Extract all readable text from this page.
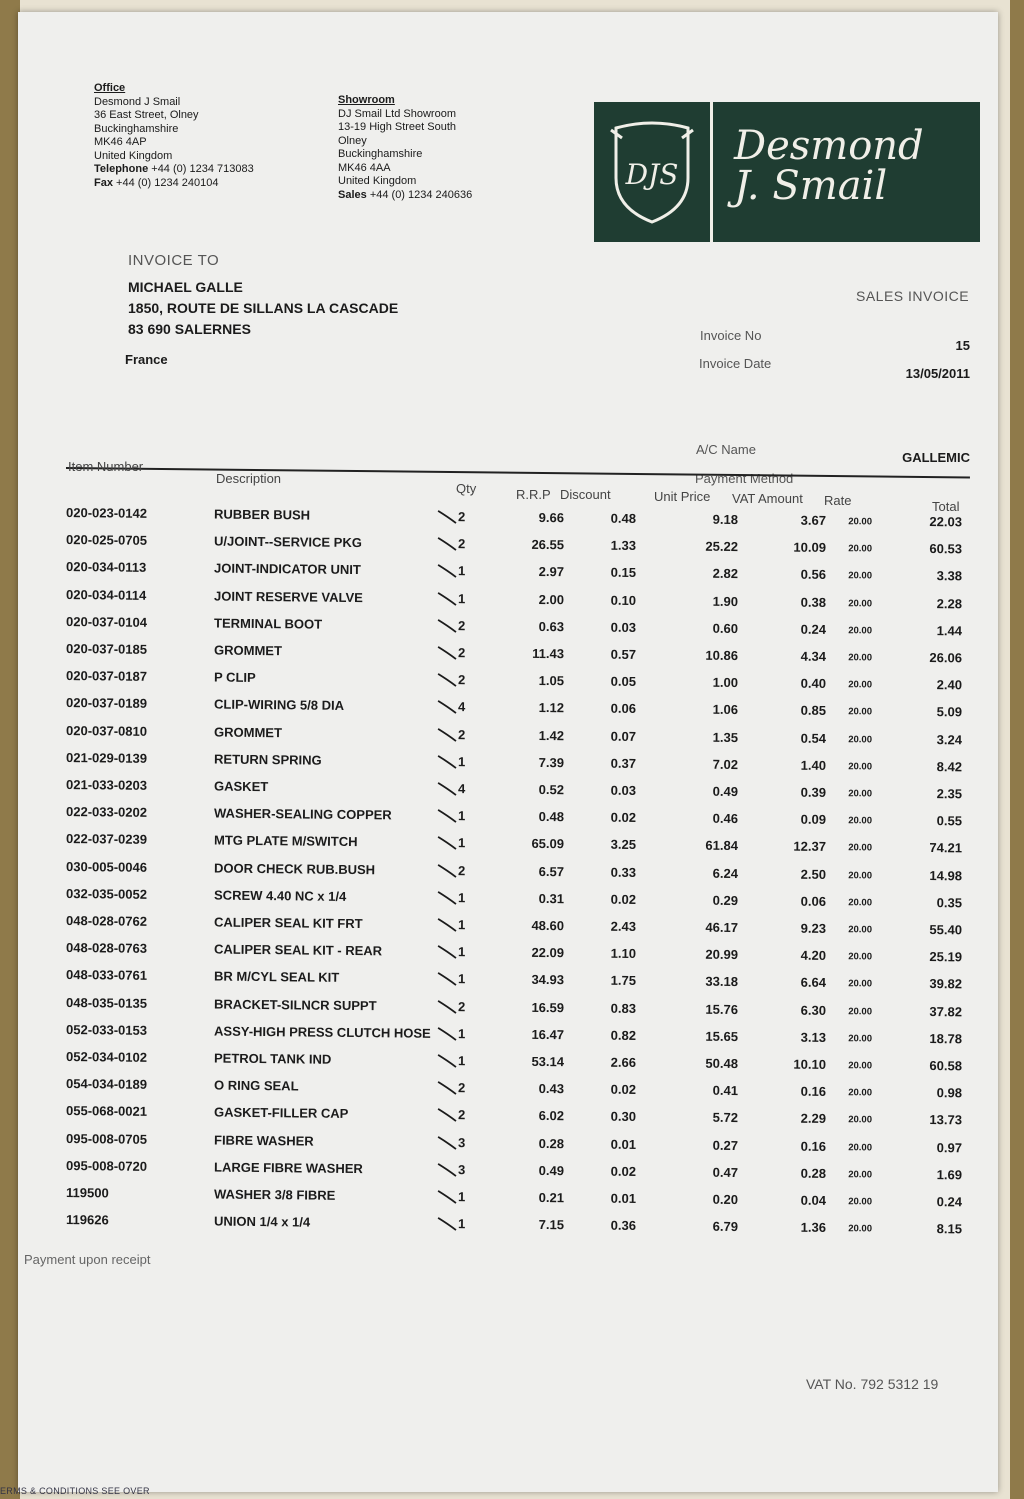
Office
Desmond J Smail
36 East Street, Olney
Buckinghamshire
MK46 4AP
United Kingdom
Telephone +44 (0) 1234 713083
Fax +44 (0) 1234 240104
Showroom
DJ Smail Ltd Showroom
13-19 High Street South
Olney
Buckinghamshire
MK46 4AA
United Kingdom
Sales +44 (0) 1234 240636
DJS
Desmond
J. Smail
INVOICE TO
MICHAEL GALLE
1850, ROUTE DE SILLANS LA CASCADE
83 690 SALERNES
France
SALES INVOICE
Invoice No
15
Invoice Date
13/05/2011
A/C Name
GALLEMIC
Payment Method
Item Number
Description
Qty	R.R.P Discount	Unit Price VAT Amount Rate	Total
020-023-0142	RUBBER BUSH	2	9.66	0.48	9.18	3.67	20.00	22.03
020-025-0705	U/JOINT--SERVICE PKG	2	26.55	1.33	25.22	10.09	20.00	60.53
020-034-0113	JOINT-INDICATOR UNIT	1	2.97	0.15	2.82	0.56	20.00	3.38
020-034-0114	JOINT RESERVE VALVE	1	2.00	0.10	1.90	0.38	20.00	2.28
020-037-0104	TERMINAL BOOT	2	0.63	0.03	0.60	0.24	20.00	1.44
020-037-0185	GROMMET	2	11.43	0.57	10.86	4.34	20.00	26.06
020-037-0187	P CLIP	2	1.05	0.05	1.00	0.40	20.00	2.40
020-037-0189	CLIP-WIRING 5/8 DIA	4	1.12	0.06	1.06	0.85	20.00	5.09
020-037-0810	GROMMET	2	1.42	0.07	1.35	0.54	20.00	3.24
021-029-0139	RETURN SPRING	1	7.39	0.37	7.02	1.40	20.00	8.42
021-033-0203	GASKET	4	0.52	0.03	0.49	0.39	20.00	2.35
022-033-0202	WASHER-SEALING COPPER	1	0.48	0.02	0.46	0.09	20.00	0.55
022-037-0239	MTG PLATE M/SWITCH	1	65.09	3.25	61.84	12.37	20.00	74.21
030-005-0046	DOOR CHECK RUB.BUSH	2	6.57	0.33	6.24	2.50	20.00	14.98
032-035-0052	SCREW 4.40 NC x 1/4	1	0.31	0.02	0.29	0.06	20.00	0.35
048-028-0762	CALIPER SEAL KIT FRT	1	48.60	2.43	46.17	9.23	20.00	55.40
048-028-0763	CALIPER SEAL KIT - REAR	1	22.09	1.10	20.99	4.20	20.00	25.19
048-033-0761	BR M/CYL SEAL KIT	1	34.93	1.75	33.18	6.64	20.00	39.82
048-035-0135	BRACKET-SILNCR SUPPT	2	16.59	0.83	15.76	6.30	20.00	37.82
052-033-0153	ASSY-HIGH PRESS CLUTCH HOSE 1	16.47	0.82	15.65	3.13	20.00	18.78
052-034-0102	PETROL TANK IND	1	53.14	2.66	50.48	10.10	20.00	60.58
054-034-0189	O RING SEAL	2	0.43	0.02	0.41	0.16	20.00	0.98
055-068-0021	GASKET-FILLER CAP	2	6.02	0.30	5.72	2.29	20.00	13.73
095-008-0705	FIBRE WASHER	3	0.28	0.01	0.27	0.16	20.00	0.97
095-008-0720	LARGE FIBRE WASHER	3	0.49	0.02	0.47	0.28	20.00	1.69
119500	WASHER 3/8 FIBRE	1	0.21	0.01	0.20	0.04	20.00	0.24
119626	UNION 1/4 x 1/4	1	7.15	0.36	6.79	1.36	20.00	8.15
Payment upon receipt
VAT No. 792 5312 19
ERMS & CONDITIONS SEE OVER
